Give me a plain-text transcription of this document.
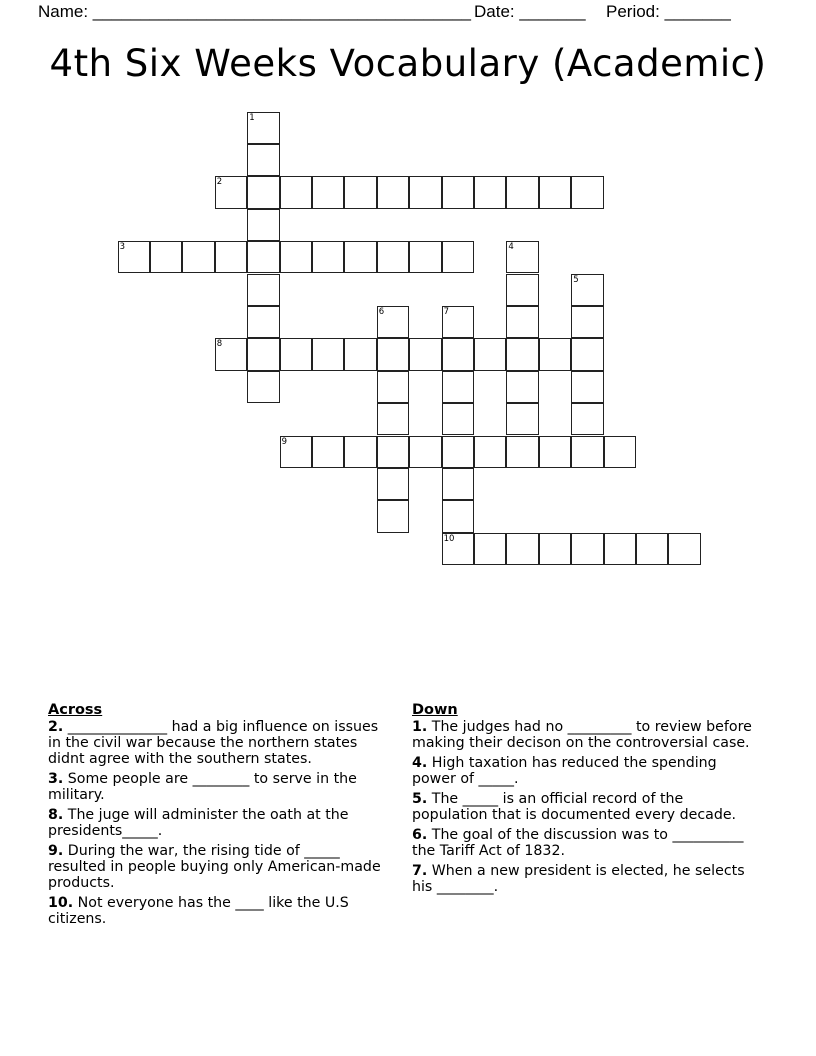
Name: ________________________________________ Date: _______ Period: _______
4th Six Weeks Vocabulary (Academic)
1
2
3	4
5
6	7
10
8
9
Across
2. ______________ had a big influence on issues in the civil war because the northern states didnt agree with the southern states.
3. Some people are ________ to serve in the military.
8. The juge will administer the oath at the presidents_____.
9. During the war, the rising tide of _____ resulted in people buying only American-made products.
10. Not everyone has the ____ like the U.S citizens.
Down
1. The judges had no _________ to review before making their decison on the controversial case.
4. High taxation has reduced the spending power of _____.
5. The _____ is an official record of the population that is documented every decade.
6. The goal of the discussion was to __________ the Tariff Act of 1832.
7. When a new president is elected, he selects his ________.
